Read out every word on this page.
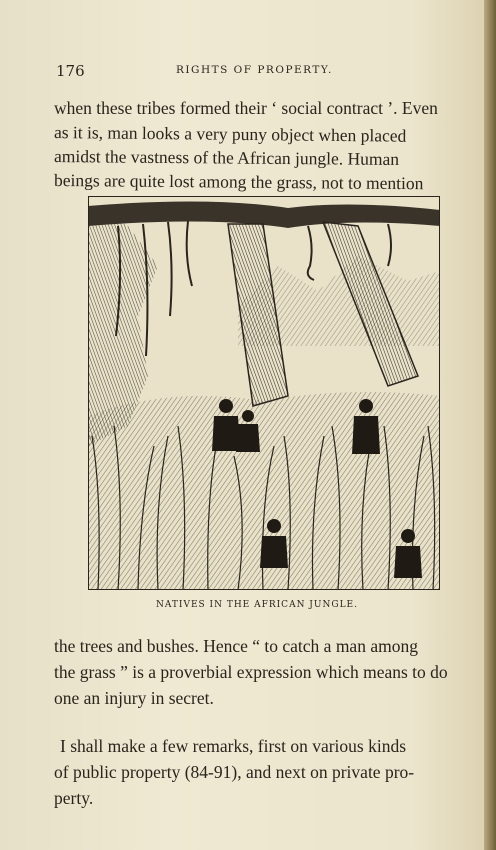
176	RIGHTS OF PROPERTY.
when these tribes formed their ‘ social contract ’. Even
as it is, man looks a very puny object when placed
amidst the vastness of the African jungle. Human
beings are quite lost among the grass, not to mention
NATIVES IN THE AFRICAN JUNGLE.
the trees and bushes. Hence “ to catch a man among
the grass ” is a proverbial expression which means to do
one an injury in secret.
I shall make a few remarks, first on various kinds
of public property (84-91), and next on private pro-
perty.
